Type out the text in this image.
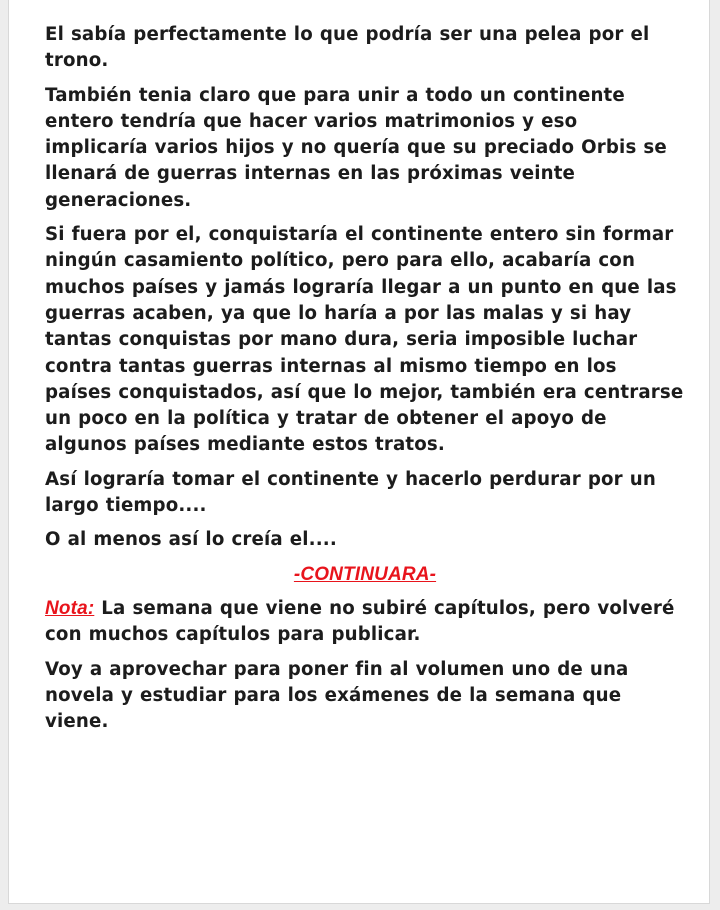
El sabía perfectamente lo que podría ser una pelea por el trono.

También tenia claro que para unir a todo un continente entero tendría que hacer varios matrimonios y eso implicaría varios hijos y no quería que su preciado Orbis se llenará de guerras internas en las próximas veinte generaciones.

Si fuera por el, conquistaría el continente entero sin formar ningún casamiento político, pero para ello, acabaría con muchos países y jamás lograría llegar a un punto en que las guerras acaben, ya que lo haría a por las malas y si hay tantas conquistas por mano dura, seria imposible luchar contra tantas guerras internas al mismo tiempo en los países conquistados, así que lo mejor, también era centrarse un poco en la política y tratar de obtener el apoyo de algunos países mediante estos tratos.

Así lograría tomar el continente y hacerlo perdurar por un largo tiempo....

O al menos así lo creía el....

-CONTINUARA-

Nota: La semana que viene no subiré capítulos, pero volveré con muchos capítulos para publicar.

Voy a aprovechar para poner fin al volumen uno de una novela y estudiar para los exámenes de la semana que viene.
